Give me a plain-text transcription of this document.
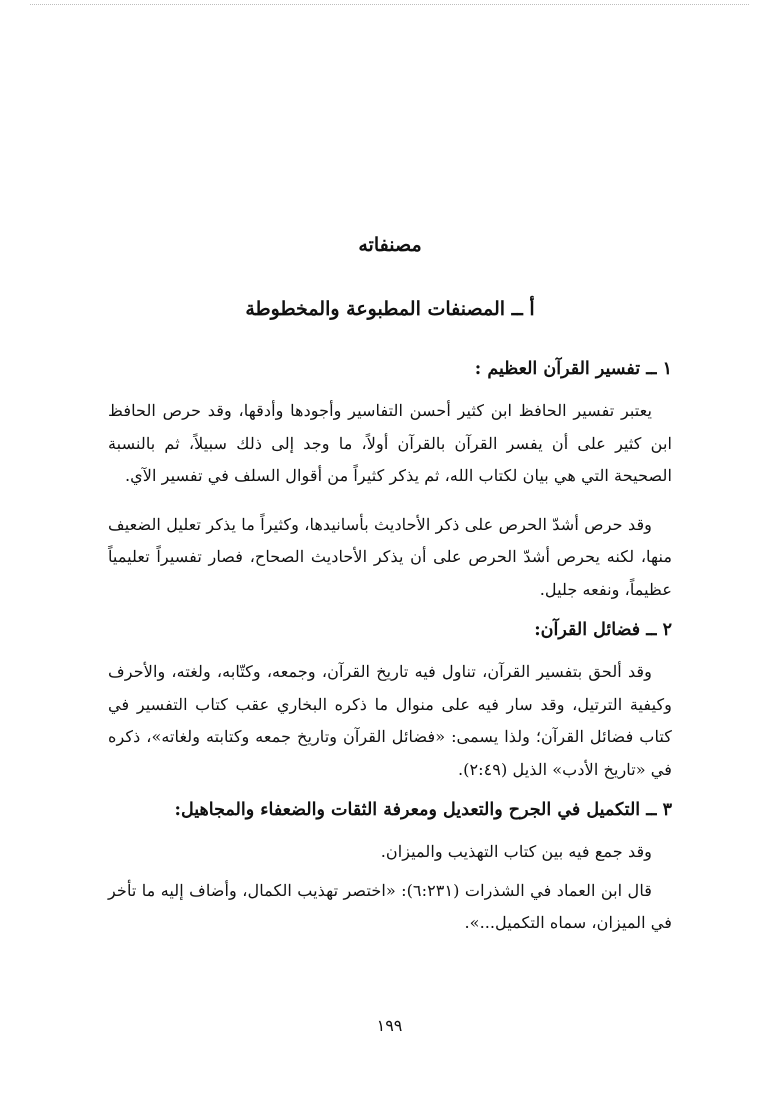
مصنفاته
أ ــ المصنفات المطبوعة والمخطوطة
١ ــ تفسير القرآن العظيم :

يعتبر تفسير الحافظ ابن كثير أحسن التفاسير وأجودها وأدقها، وقد حرص الحافظ ابن كثير على أن يفسر القرآن بالقرآن أولاً، ما وجد إلى ذلك سبيلاً، ثم بالنسبة الصحيحة التي هي بيان لكتاب الله، ثم يذكر كثيراً من أقوال السلف في تفسير الآي.

وقد حرص أشدّ الحرص على ذكر الأحاديث بأسانيدها، وكثيراً ما يذكر تعليل الضعيف منها، لكنه يحرص أشدّ الحرص على أن يذكر الأحاديث الصحاح، فصار تفسيراً تعليمياً عظيماً، ونفعه جليل.

٢ ــ فضائل القرآن:

وقد ألحق بتفسير القرآن، تناول فيه تاريخ القرآن، وجمعه، وكتّابه، ولغته، والأحرف وكيفية الترتيل، وقد سار فيه على منوال ما ذكره البخاري عقب كتاب التفسير في كتاب فضائل القرآن؛ ولذا يسمى: «فضائل القرآن وتاريخ جمعه وكتابته ولغاته»، ذكره في «تاريخ الأدب» الذيل (٢:٤٩).

٣ ــ التكميل في الجرح والتعديل ومعرفة الثقات والضعفاء والمجاهيل:

وقد جمع فيه بين كتاب التهذيب والميزان.

قال ابن العماد في الشذرات (٦:٢٣١): «اختصر تهذيب الكمال، وأضاف إليه ما تأخر في الميزان، سماه التكميل...».

١٩٩
